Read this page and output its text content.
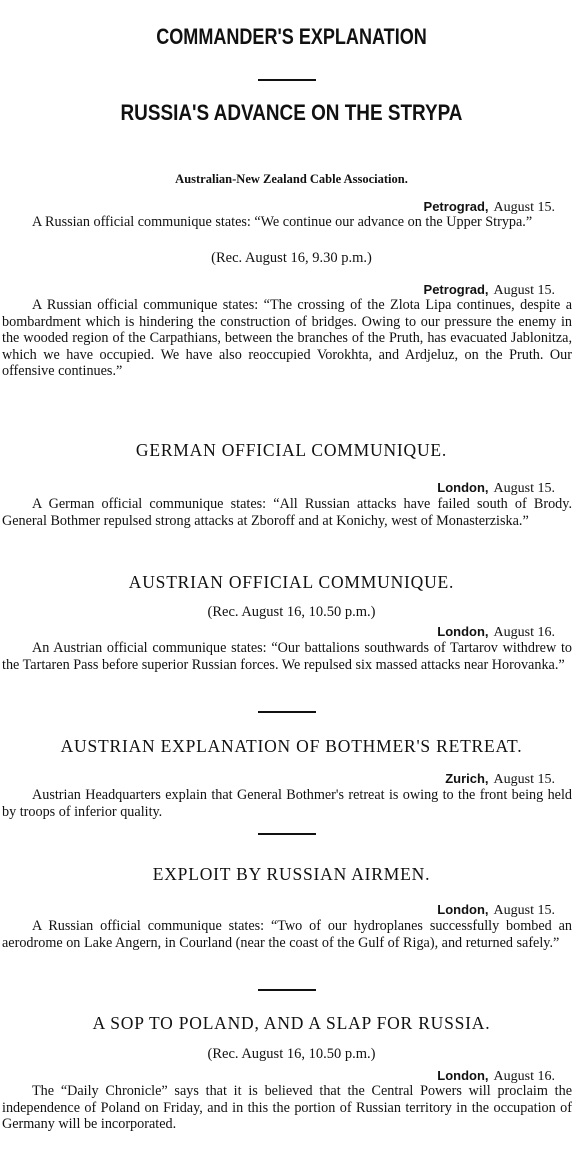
COMMANDER'S EXPLANATION
RUSSIA'S ADVANCE ON THE STRYPA
Australian-New Zealand Cable Association.
Petrograd, August 15.

A Russian official communique states: “We continue our advance on the Upper Strypa.”

(Rec. August 16, 9.30 p.m.)
Petrograd, August 15.

A Russian official communique states: “The crossing of the Zlota Lipa continues, despite a bombardment which is hindering the construction of bridges. Owing to our pressure the enemy in the wooded region of the Carpathians, between the branches of the Pruth, has evacuated Jablonitza, which we have occupied. We have also reoccupied Vorokhta, and Ardjeluz, on the Pruth. Our offensive continues.”

GERMAN OFFICIAL COMMUNIQUE.
London, August 15.

A German official communique states: “All Russian attacks have failed south of Brody. General Bothmer repulsed strong attacks at Zboroff and at Konichy, west of Monasterziska.”

AUSTRIAN OFFICIAL COMMUNIQUE.
(Rec. August 16, 10.50 p.m.)
London, August 16.

An Austrian official communique states: “Our battalions southwards of Tartarov withdrew to the Tartaren Pass before superior Russian forces. We repulsed six massed attacks near Horovanka.”

AUSTRIAN EXPLANATION OF BOTHMER'S RETREAT.
Zurich, August 15.

Austrian Headquarters explain that General Bothmer's retreat is owing to the front being held by troops of inferior quality.

EXPLOIT BY RUSSIAN AIRMEN.
London, August 15.

A Russian official communique states: “Two of our hydroplanes successfully bombed an aerodrome on Lake Angern, in Courland (near the coast of the Gulf of Riga), and returned safely.”

A SOP TO POLAND, AND A SLAP FOR RUSSIA.
(Rec. August 16, 10.50 p.m.)
London, August 16.

The “Daily Chronicle” says that it is believed that the Central Powers will proclaim the independence of Poland on Friday, and in this the portion of Russian territory in the occupation of Germany will be incorporated.
